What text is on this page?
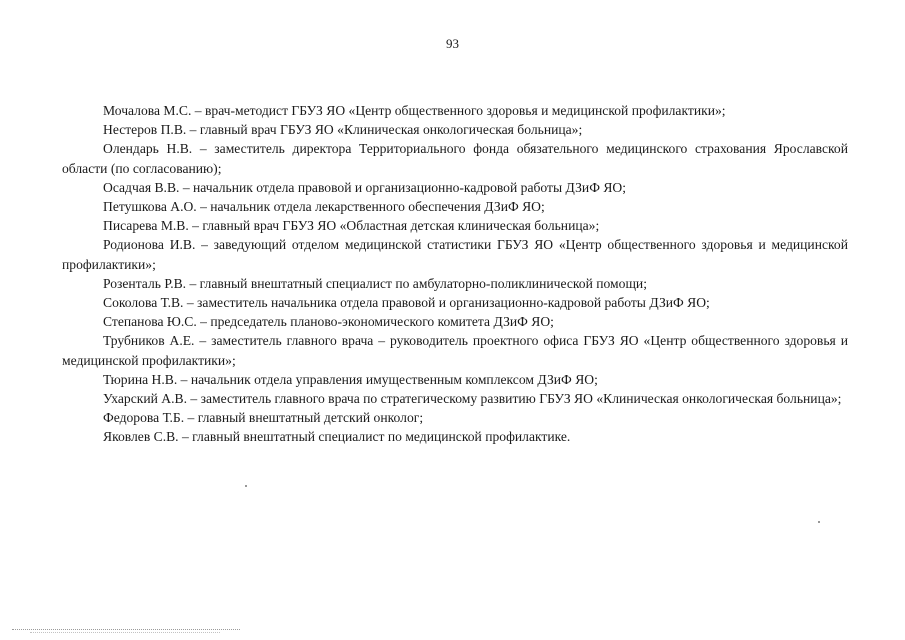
93
Мочалова М.С. – врач-методист ГБУЗ ЯО «Центр общественного здоровья и медицинской профилактики»;
Нестеров П.В. – главный врач ГБУЗ ЯО «Клиническая онкологическая больница»;
Олендарь Н.В. – заместитель директора Территориального фонда обязательного медицинского страхования Ярославской области (по согласованию);
Осадчая В.В. – начальник отдела правовой и организационно-кадровой работы ДЗиФ ЯО;
Петушкова А.О. – начальник отдела лекарственного обеспечения ДЗиФ ЯО;
Писарева М.В. – главный врач ГБУЗ ЯО «Областная детская клиническая больница»;
Родионова И.В. – заведующий отделом медицинской статистики ГБУЗ ЯО «Центр общественного здоровья и медицинской профилактики»;
Розенталь Р.В. – главный внештатный специалист по амбулаторно-поликлинической помощи;
Соколова Т.В. – заместитель начальника отдела правовой и организационно-кадровой работы ДЗиФ ЯО;
Степанова Ю.С. – председатель планово-экономического комитета ДЗиФ ЯО;
Трубников А.Е. – заместитель главного врача – руководитель проектного офиса ГБУЗ ЯО «Центр общественного здоровья и медицинской профилактики»;
Тюрина Н.В. – начальник отдела управления имущественным комплексом ДЗиФ ЯО;
Ухарский А.В. – заместитель главного врача по стратегическому развитию ГБУЗ ЯО «Клиническая онкологическая больница»;
Федорова Т.Б. – главный внештатный детский онколог;
Яковлев С.В. – главный внештатный специалист по медицинской профилактике.
